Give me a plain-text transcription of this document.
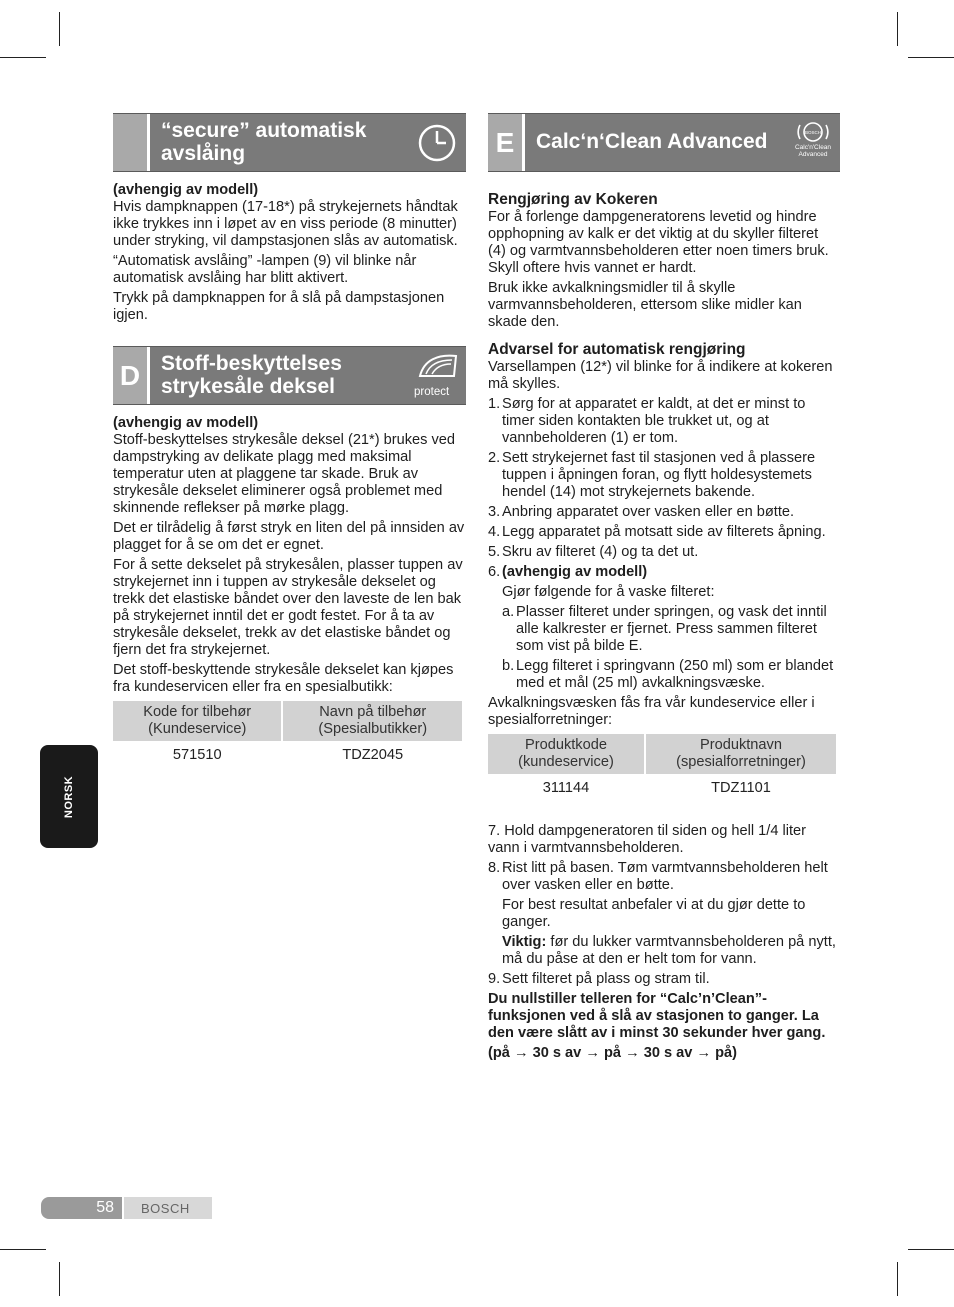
“secure” automatisk
avslåing

(avhengig av modell)

Hvis dampknappen (17-18*) på strykejernets håndtak ikke trykkes inn i løpet av en viss periode (8 minutter) under stryking, vil dampstasjonen slås av automatisk.

“Automatisk avslåing” -lampen (9) vil blinke når automatisk avslåing har blitt aktivert.

Trykk på dampknappen for å slå på dampstasjonen igjen.

D Stoff-beskyttelses
strykesåle deksel	protect

(avhengig av modell)

Stoff-beskyttelses strykesåle deksel (21*) brukes ved dampstryking av delikate plagg med maksimal temperatur uten at plaggene tar skade. Bruk av strykesåle dekselet eliminerer også problemet med skinnende reflekser på mørke plagg.

Det er tilrådelig å først stryk en liten del på innsiden av plagget for å se om det er egnet.

For å sette dekselet på strykesålen, plasser tuppen av strykejernet inn i tuppen av strykesåle dekselet og trekk det elastiske båndet over den laveste de len bak på strykejernet inntil det er godt festet. For å ta av strykesåle dekselet, trekk av det elastiske båndet og fjern det fra strykejernet.

Det stoff-beskyttende strykesåle dekselet kan kjøpes fra kundeservicen eller fra en spesialbutikk:

Kode for tilbehør (Kundeservice)	Navn på tilbehør (Spesialbutikker)
571510	TDZ2045
E	Calc‘n‘Clean Advanced	BOSCH
Calc'n'Clean
Advanced
Rengjøring av Kokeren

For å forlenge dampgeneratorens levetid og hindre opphopning av kalk er det viktig at du skyller filteret (4) og varmtvannsbeholderen etter noen timers bruk. Skyll oftere hvis vannet er hardt.

Bruk ikke avkalkningsmidler til å skylle varmvannsbeholderen, ettersom slike midler kan skade den.

Advarsel for automatisk rengjøring

Varsellampen (12*) vil blinke for å indikere at kokeren må skylles.

1. Sørg for at apparatet er kaldt, at det er minst to timer siden kontakten ble trukket ut, og at vannbeholderen (1) er tom.
2. Sett strykejernet fast til stasjonen ved å plassere tuppen i åpningen foran, og flytt holdesystemets hendel (14) mot strykejernets bakende.
3. Anbring apparatet over vasken eller en bøtte.
4. Legg apparatet på motsatt side av filterets åpning.
5. Skru av filteret (4) og ta det ut.
6. (avhengig av modell)

Gjør følgende for å vaske filteret:

a. Plasser filteret under springen, og vask det inntil alle kalkrester er fjernet. Press sammen filteret som vist på bilde E.
b. Legg filteret i springvann (250 ml) som er blandet med et mål (25 ml) avkalkningsvæske.

Avkalkningsvæsken fås fra vår kundeservice eller i spesialforretninger:

Produktkode (kundeservice)	Produktnavn (spesialforretninger)
311144	TDZ1101

7. Hold dampgeneratoren til siden og hell 1/4 liter vann i varmtvannsbeholderen.

8. Rist litt på basen. Tøm varmtvannsbeholderen helt over vasken eller en bøtte.

For best resultat anbefaler vi at du gjør dette to ganger.

Viktig: før du lukker varmtvannsbeholderen på nytt, må du påse at den er helt tom for vann.

9. Sett filteret på plass og stram til.

Du nullstiller telleren for “Calc’n’Clean”-funksjonen ved å slå av stasjonen to ganger. La den være slått av i minst 30 sekunder hver gang.

(på → 30 s av → på → 30 s av → på)

NORSK
58 BOSCH
